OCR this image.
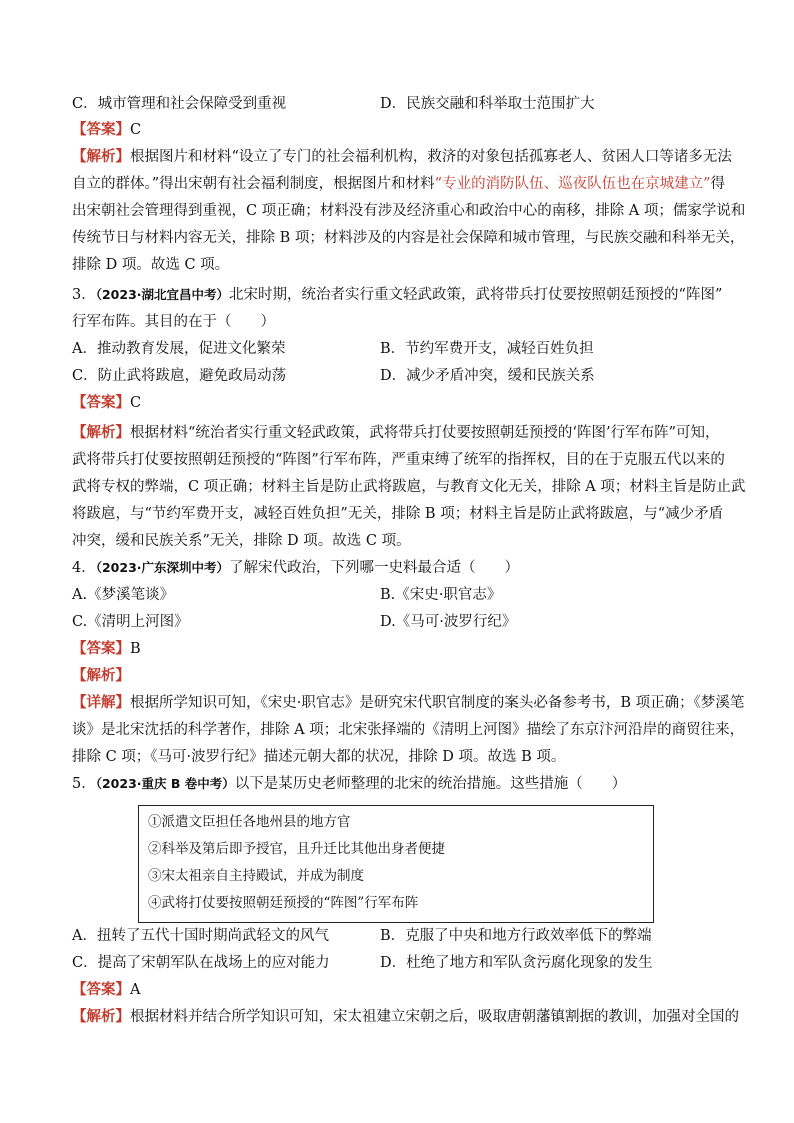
C．城市管理和社会保障受到重视	D．民族交融和科举取士范围扩大
【答案】C
【解析】根据图片和材料“设立了专门的社会福利机构，救济的对象包括孤寡老人、贫困人口等诸多无法
自立的群体。”得出宋朝有社会福利制度，根据图片和材料“专业的消防队伍、巡夜队伍也在京城建立”得
出宋朝社会管理得到重视，C 项正确；材料没有涉及经济重心和政治中心的南移，排除 A 项；儒家学说和
传统节日与材料内容无关，排除 B 项；材料涉及的内容是社会保障和城市管理，与民族交融和科举无关，
排除 D 项。故选 C 项。
3．（2023·湖北宜昌中考）北宋时期，统治者实行重文轻武政策，武将带兵打仗要按照朝廷预授的“阵图”
行军布阵。其目的在于（　　）
A．推动教育发展，促进文化繁荣	B．节约军费开支，减轻百姓负担
C．防止武将跋扈，避免政局动荡	D．减少矛盾冲突，缓和民族关系
【答案】C
【解析】根据材料“统治者实行重文轻武政策，武将带兵打仗要按照朝廷预授的‘阵图’行军布阵”可知，
武将带兵打仗要按照朝廷预授的“阵图”行军布阵，严重束缚了统军的指挥权，目的在于克服五代以来的
武将专权的弊端，C 项正确；材料主旨是防止武将跋扈，与教育文化无关，排除 A 项；材料主旨是防止武
将跋扈，与“节约军费开支，减轻百姓负担”无关，排除 B 项；材料主旨是防止武将跋扈，与“减少矛盾
冲突，缓和民族关系”无关，排除 D 项。故选 C 项。
4．（2023·广东深圳中考）了解宋代政治，下列哪一史料最合适（　　）
A.《梦溪笔谈》	B.《宋史·职官志》
C.《清明上河图》	D.《马可·波罗行纪》
【答案】B
【解析】
【详解】根据所学知识可知，《宋史·职官志》是研究宋代职官制度的案头必备参考书，B 项正确；《梦溪笔
谈》是北宋沈括的科学著作，排除 A 项；北宋张择端的《清明上河图》描绘了东京汴河沿岸的商贸往来，
排除 C 项；《马可·波罗行纪》描述元朝大都的状况，排除 D 项。故选 B 项。
5．（2023·重庆 B 卷中考）以下是某历史老师整理的北宋的统治措施。这些措施（　　）
①派遣文臣担任各地州县的地方官
②科举及第后即予授官，且升迁比其他出身者便捷
③宋太祖亲自主持殿试，并成为制度
④武将打仗要按照朝廷预授的“阵图”行军布阵
A．扭转了五代十国时期尚武轻文的风气	B．克服了中央和地方行政效率低下的弊端
C．提高了宋朝军队在战场上的应对能力	D．杜绝了地方和军队贪污腐化现象的发生
【答案】A
【解析】根据材料并结合所学知识可知，宋太祖建立宋朝之后，吸取唐朝藩镇割据的教训，加强对全国的
